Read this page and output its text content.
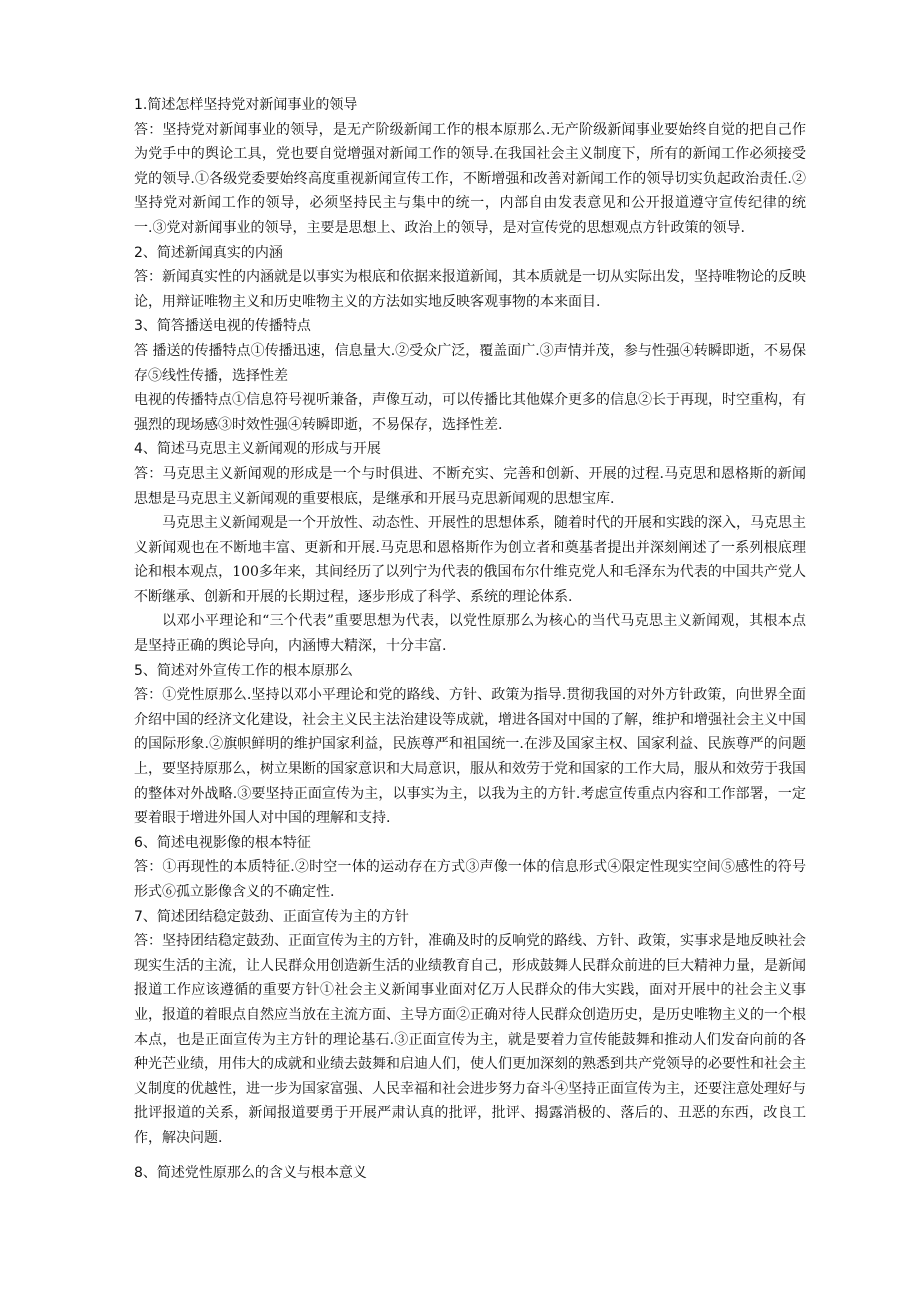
1.简述怎样坚持党对新闻事业的领导

答：坚持党对新闻事业的领导，是无产阶级新闻工作的根本原那么.无产阶级新闻事业要始终自觉的把自己作为党手中的舆论工具，党也要自觉增强对新闻工作的领导.在我国社会主义制度下，所有的新闻工作必须接受党的领导.①各级党委要始终高度重视新闻宣传工作，不断增强和改善对新闻工作的领导切实负起政治责任.②坚持党对新闻工作的领导，必须坚持民主与集中的统一，内部自由发表意见和公开报道遵守宣传纪律的统一.③党对新闻事业的领导，主要是思想上、政治上的领导，是对宣传党的思想观点方针政策的领导.

2、简述新闻真实的内涵

答：新闻真实性的内涵就是以事实为根底和依据来报道新闻，其本质就是一切从实际出发，坚持唯物论的反映论，用辩证唯物主义和历史唯物主义的方法如实地反映客观事物的本来面目.

3、简答播送电视的传播特点

答 播送的传播特点①传播迅速，信息量大.②受众广泛，覆盖面广.③声情并茂，参与性强④转瞬即逝，不易保存⑤线性传播，选择性差

电视的传播特点①信息符号视听兼备，声像互动，可以传播比其他媒介更多的信息②长于再现，时空重构，有强烈的现场感③时效性强④转瞬即逝，不易保存，选择性差.

4、简述马克思主义新闻观的形成与开展

答：马克思主义新闻观的形成是一个与时俱进、不断充实、完善和创新、开展的过程.马克思和恩格斯的新闻思想是马克思主义新闻观的重要根底，是继承和开展马克思新闻观的思想宝库.

马克思主义新闻观是一个开放性、动态性、开展性的思想体系，随着时代的开展和实践的深入，马克思主义新闻观也在不断地丰富、更新和开展.马克思和恩格斯作为创立者和奠基者提出并深刻阐述了一系列根底理论和根本观点，100多年来，其间经历了以列宁为代表的俄国布尔什维克党人和毛泽东为代表的中国共产党人不断继承、创新和开展的长期过程，逐步形成了科学、系统的理论体系.

以邓小平理论和“三个代表”重要思想为代表，以党性原那么为核心的当代马克思主义新闻观，其根本点是坚持正确的舆论导向，内涵博大精深，十分丰富.

5、简述对外宣传工作的根本原那么

答：①党性原那么.坚持以邓小平理论和党的路线、方针、政策为指导.贯彻我国的对外方针政策，向世界全面介绍中国的经济文化建设，社会主义民主法治建设等成就，增进各国对中国的了解，维护和增强社会主义中国的国际形象.②旗帜鲜明的维护国家利益，民族尊严和祖国统一.在涉及国家主权、国家利益、民族尊严的问题上，要坚持原那么，树立果断的国家意识和大局意识，服从和效劳于党和国家的工作大局，服从和效劳于我国的整体对外战略.③要坚持正面宣传为主，以事实为主，以我为主的方针.考虑宣传重点内容和工作部署，一定要着眼于增进外国人对中国的理解和支持.

6、简述电视影像的根本特征

答：①再现性的本质特征.②时空一体的运动存在方式③声像一体的信息形式④限定性现实空间⑤感性的符号形式⑥孤立影像含义的不确定性.

7、简述团结稳定鼓劲、正面宣传为主的方针

答：坚持团结稳定鼓劲、正面宣传为主的方针，准确及时的反响党的路线、方针、政策，实事求是地反映社会现实生活的主流，让人民群众用创造新生活的业绩教育自己，形成鼓舞人民群众前进的巨大精神力量，是新闻报道工作应该遵循的重要方针①社会主义新闻事业面对亿万人民群众的伟大实践，面对开展中的社会主义事业，报道的着眼点自然应当放在主流方面、主导方面②正确对待人民群众创造历史，是历史唯物主义的一个根本点，也是正面宣传为主方针的理论基石.③正面宣传为主，就是要着力宣传能鼓舞和推动人们发奋向前的各种光芒业绩，用伟大的成就和业绩去鼓舞和启迪人们，使人们更加深刻的熟悉到共产党领导的必要性和社会主义制度的优越性，进一步为国家富强、人民幸福和社会进步努力奋斗④坚持正面宣传为主，还要注意处理好与批评报道的关系，新闻报道要勇于开展严肃认真的批评，批评、揭露消极的、落后的、丑恶的东西，改良工作，解决问题.

8、简述党性原那么的含义与根本意义
